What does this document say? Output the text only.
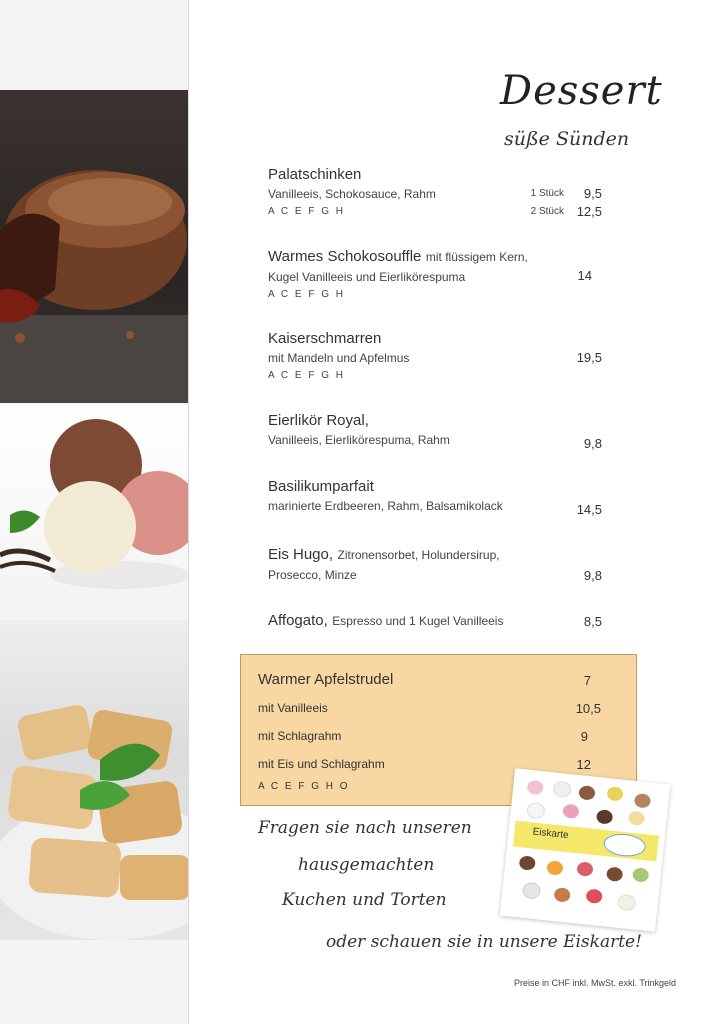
Dessert
süße Sünden
Palatschinken
Vanilleeis, Schokosauce, Rahm
A C E F G H
1 Stück	9,5
2 Stück 12,5
Warmes Schokosouffle mit flüssigem Kern,
Kugel Vanilleeis und Eierlikörespuma
A C E F G H
14
Kaiserschmarren
mit Mandeln und Apfelmus
A C E F G H
19,5
Eierlikör Royal,
Vanilleeis, Eierlikörespuma, Rahm	9,8
Basilikumparfait
marinierte Erdbeeren, Rahm, Balsamikolack	14,5
Eis Hugo, Zitronensorbet, Holundersirup,
Prosecco, Minze	9,8
Affogato, Espresso und 1 Kugel Vanilleeis	8,5
Warmer Apfelstrudel	7
mit Vanilleeis	10,5
mit Schlagrahm	9
mit Eis und Schlagrahm	12
A C E F G H O
Eiskarte
Fragen sie nach unseren
hausgemachten
Kuchen und Torten
oder schauen sie in unsere Eiskarte!
Preise in CHF inkl. MwSt. exkl. Trinkgeld
